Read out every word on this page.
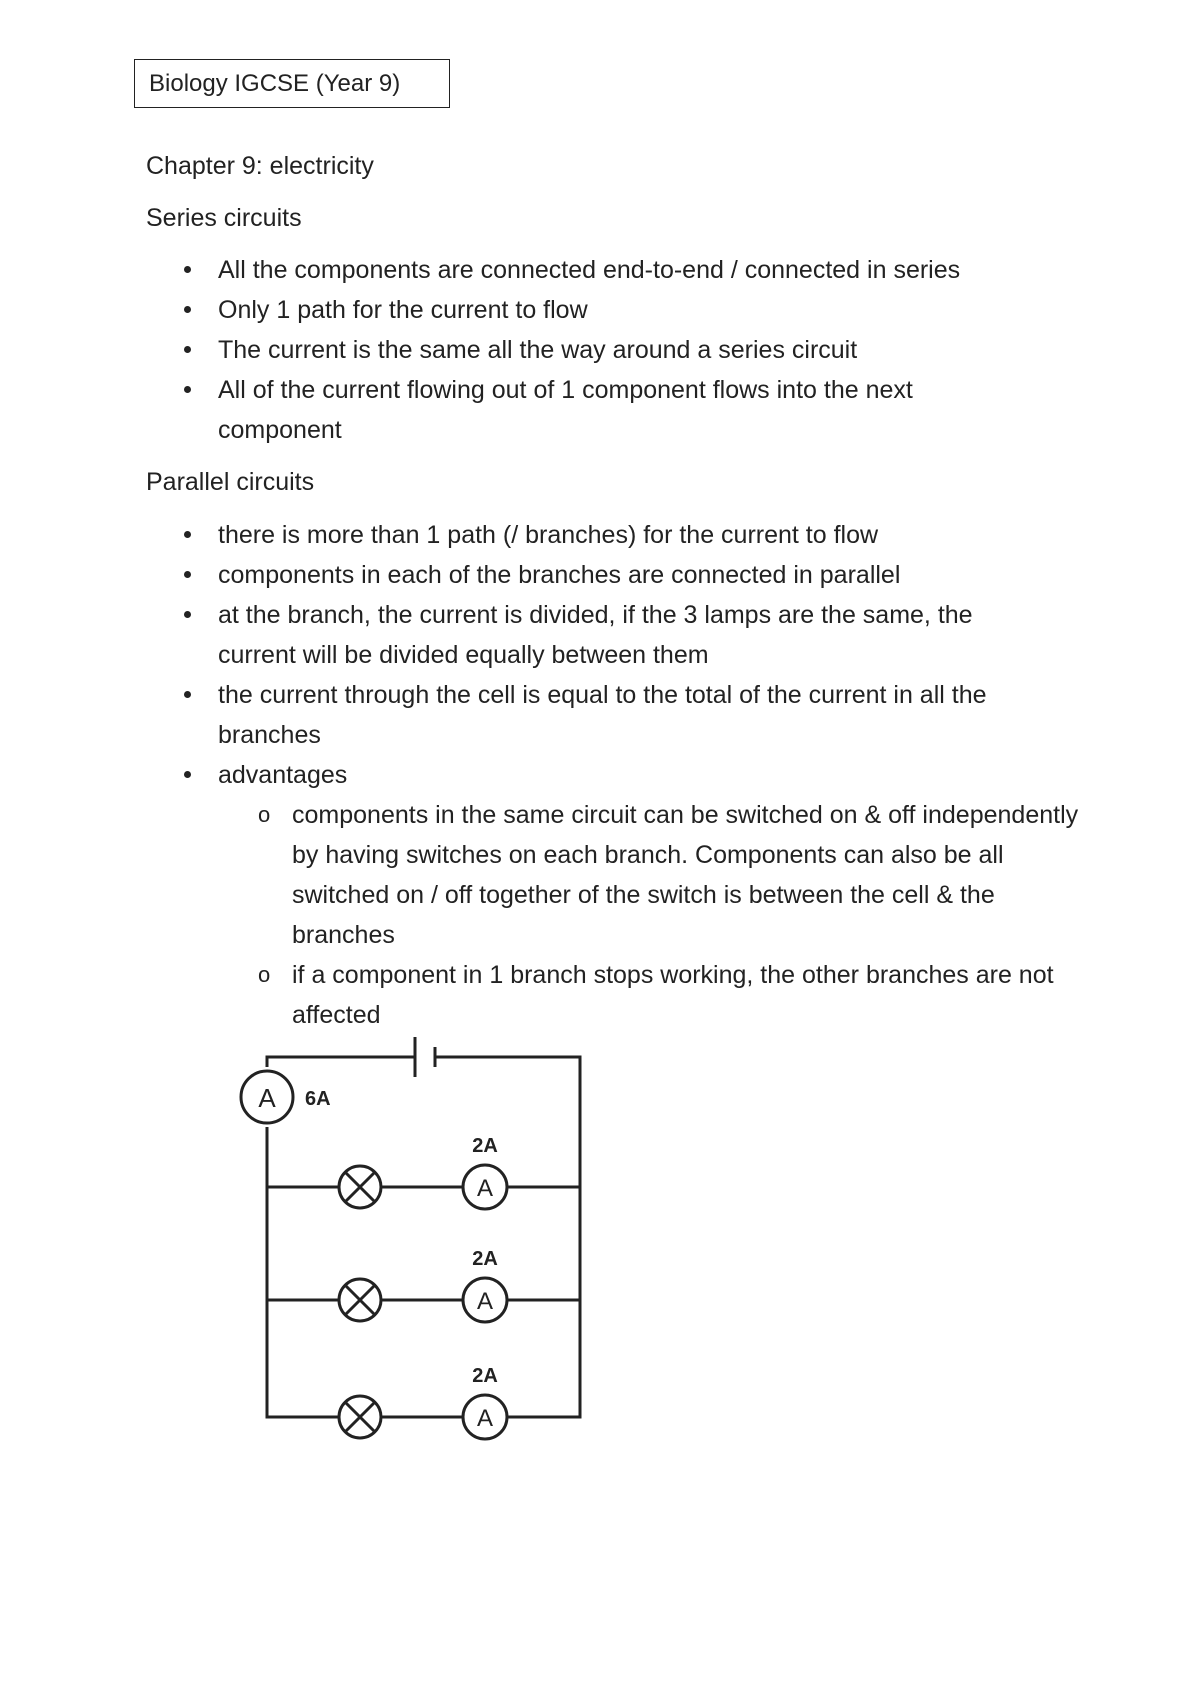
Biology IGCSE (Year 9)
Chapter 9: electricity
Series circuits
All the components are connected end-to-end / connected in series
Only 1 path for the current to flow
The current is the same all the way around a series circuit
All of the current flowing out of 1 component flows into the next component
Parallel circuits
there is more than 1 path (/ branches) for the current to flow
components in each of the branches are connected in parallel
at the branch, the current is divided, if the 3 lamps are the same, the current will be divided equally between them
the current through the cell is equal to the total of the current in all the branches
advantages
o components in the same circuit can be switched on & off independently by having switches on each branch. Components can also be all switched on / off together of the switch is between the cell & the branches
o if a component in 1 branch stops working, the other branches are not affected
A 6A
A
A
A
2A
2A
2A
